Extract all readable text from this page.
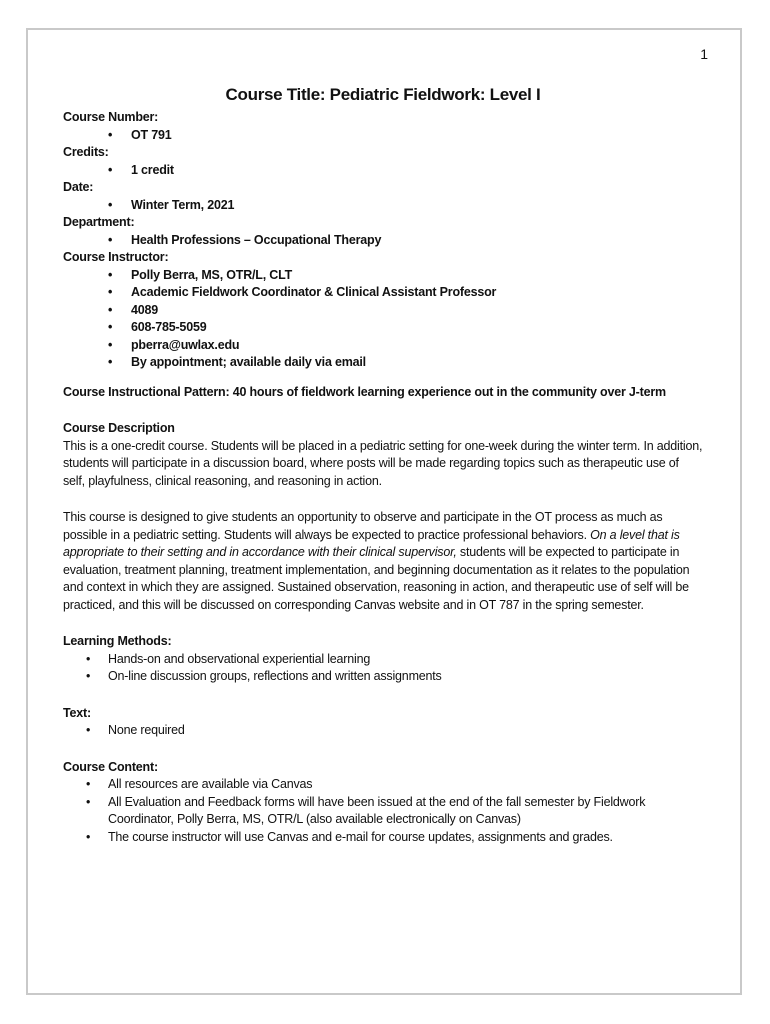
1
Course Title: Pediatric Fieldwork: Level I
Course Number:
• OT 791
Credits:
• 1 credit
Date:
• Winter Term, 2021
Department:
• Health Professions – Occupational Therapy
Course Instructor:
• Polly Berra, MS, OTR/L, CLT
• Academic Fieldwork Coordinator & Clinical Assistant Professor
• 4089
• 608-785-5059
• pberra@uwlax.edu
• By appointment; available daily via email
Course Instructional Pattern: 40 hours of fieldwork learning experience out in the community over J-term
Course Description

This is a one-credit course. Students will be placed in a pediatric setting for one-week during the winter term. In addition, students will participate in a discussion board, where posts will be made regarding topics such as therapeutic use of self, playfulness, clinical reasoning, and reasoning in action.

This course is designed to give students an opportunity to observe and participate in the OT process as much as possible in a pediatric setting. Students will always be expected to practice professional behaviors. On a level that is appropriate to their setting and in accordance with their clinical supervisor, students will be expected to participate in evaluation, treatment planning, treatment implementation, and beginning documentation as it relates to the population and context in which they are assigned. Sustained observation, reasoning in action, and therapeutic use of self will be practiced, and this will be discussed on corresponding Canvas website and in OT 787 in the spring semester.

Learning Methods:
• Hands-on and observational experiential learning
• On-line discussion groups, reflections and written assignments
Text:
• None required
Course Content:
• All resources are available via Canvas
• All Evaluation and Feedback forms will have been issued at the end of the fall semester by Fieldwork Coordinator, Polly Berra, MS, OTR/L (also available electronically on Canvas)
• The course instructor will use Canvas and e-mail for course updates, assignments and grades.
